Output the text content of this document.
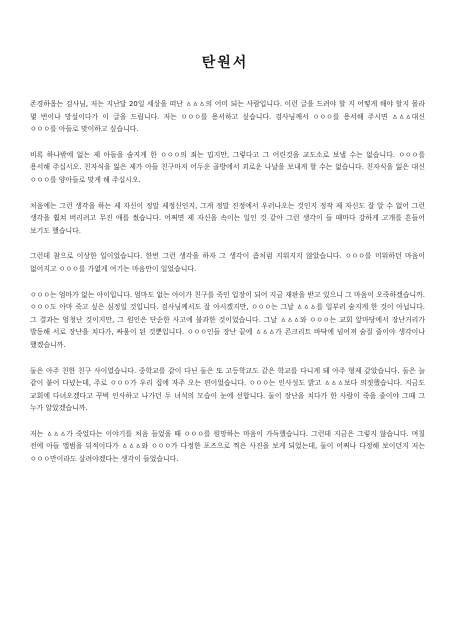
탄원서

존경하옵는 검사님, 저는 지난달 20일 세상을 떠난 ㅿㅿㅿ의 어미 되는 사람입니다. 이런 글을 드려야 할 지 어떻게 해야 할지 몰라 몇 번이나 망설이다가 이 글을 드립니다. 저는 ㅇㅇㅇ를 용서하고 싶습니다. 검사님께서 ㅇㅇㅇ를 용서해 주시면 ㅿㅿㅿ대신 ㅇㅇㅇ를 아들로 맞이하고 싶습니다.

비록 하나밖에 없는 제 아들을 숨지게 한 ㅇㅇㅇ의 죄는 밉지만, 그렇다고 그 어린것을 교도소로 보낼 수는 없습니다. ㅇㅇㅇ를 용서해 주십시오. 친자식을 잃은 제가 아들 친구마저 어두운 골방에서 괴로운 나날을 보내게 할 수는 없습니다. 친자식을 잃은 대신 ㅇㅇㅇ를 양아들로 맞게 해 주십시오.

처음에는 그런 생각을 하는 제 자신이 정말 제정신인지, 그게 정말 진정에서 우러나오는 것인지 정작 제 자신도 잘 알 수 없어 그런 생각을 훨쳐 버리려고 무진 애를 썼습니다. 어쩌면 제 자신을 속이는 일인 것 같아 그런 생각이 들 때마다 강하게 고개를 흔들어 보기도 했습니다.

그런데 참으로 이상한 일이었습니다. 한번 그런 생각을 하자 그 생각이 좀처럼 지워지지 않았습니다. ㅇㅇㅇ를 미워하던 마음이 없어지고 ㅇㅇㅇ를 가엾게 여기는 마음만이 일었습니다.

ㅇㅇㅇ는 엄마가 없는 아이입니다. 엄마도 없는 아이가 친구를 죽인 입장이 되어 지금 재판을 받고 있으니 그 마음이 오죽하겠습니까. ㅇㅇㅇ도 아마 죽고 싶은 심정일 것입니다. 검사님께서도 잘 아시겠지만, ㅇㅇㅇ는 그날 ㅿㅿㅿ를 일부러 숨지게 한 것이 아닙니다. 그 결과는 엄청난 것이지만, 그 원인은 단순한 사고에 불과한 것이었습니다. 그날 ㅿㅿㅿ와 ㅇㅇㅇ는 교회 앞마당에서 장난거리가 발동해 서로 장난을 치다가, 싸움이 된 것뿐입니다. ㅇㅇㅇ인들 장난 끝에 ㅿㅿㅿ가 콘크리트 바닥에 넘어져 숨질 줄이야 생각이나 했겠습니까.

둘은 아주 친한 친구 사이였습니다. 중학교를 같이 다닌 둘은 또 고등학교도 같은 학교를 다니게 돼 아주 형제 같았습니다. 둘은 늘 같이 붙어 다녔는데, 주로 ㅇㅇㅇ가 우리 집에 자주 오는 편이었습니다. ㅇㅇㅇ는 인사성도 밝고 ㅿㅿㅿ보다 의젓했습니다. 지금도 교회에 다녀오겠다고 꾸벅 인사하고 나가던 두 녀석의 모습이 눈에 선합니다. 둘이 장난을 치다가 한 사람이 죽을 줄이야 그때 그 누가 알았겠습니까.

저는 ㅿㅿㅿ가 죽었다는 이야기를 처음 들었을 때 ㅇㅇㅇ를 원망하는 마음이 가득했습니다. 그런데 지금은 그렇지 않습니다. 며칠 전에 아들 앨범을 뒤적이다가 ㅿㅿㅿ와 ㅇㅇㅇ가 다정한 포즈으로 찍은 사진을 보게 되었는데, 둘이 어쩌나 다정해 보이던지 저는 ㅇㅇㅇ만이라도 살려야겠다는 생각이 들었습니다.
